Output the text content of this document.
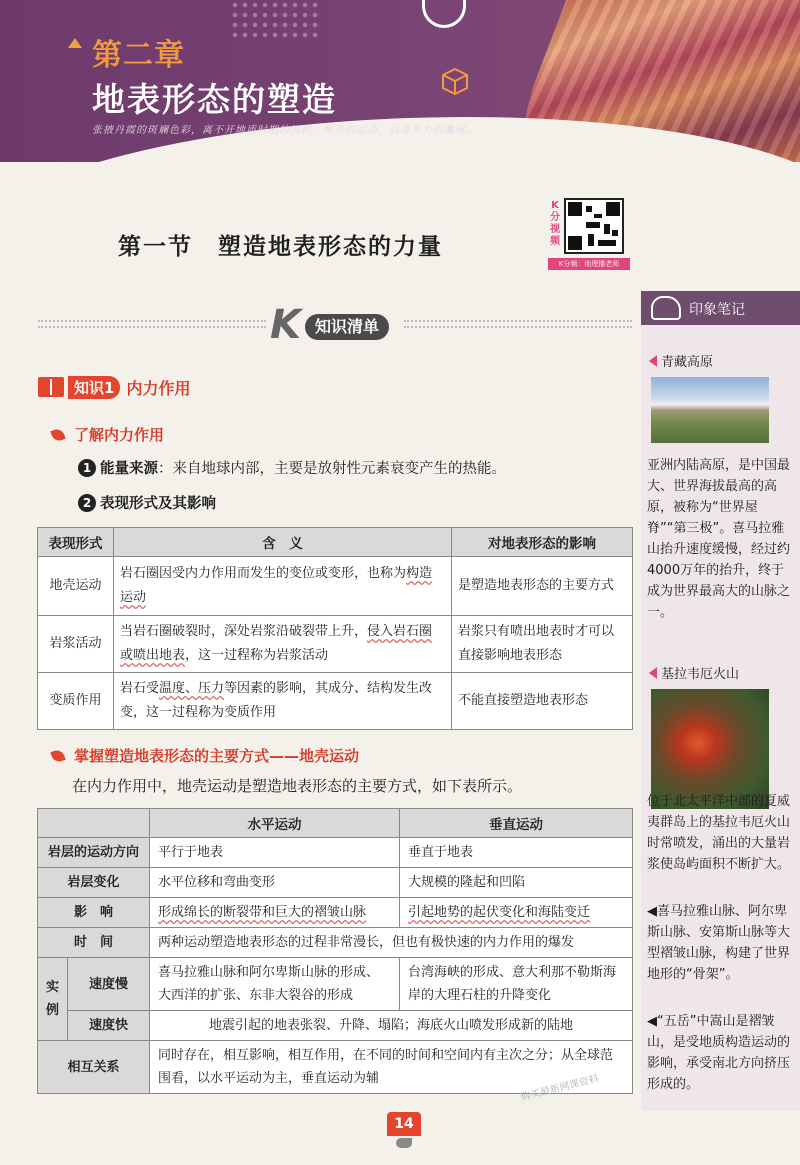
第二章
地表形态的塑造
张掖丹霞的斑斓色彩，离不开地质时期的沉积、地壳的运动，以及外力的雕琢。
第一节　塑造地表形态的力量
K分视频
K分频：地理播老师
K 知识清单
知识1 内力作用
了解内力作用
1 能量来源 ：来自地球内部，主要是放射性元素衰变产生的热能。
2 表现形式及其影响
表现形式	含　义	对地表形态的影响
地壳运动	岩石圈因受内力作用而发生的变位或变形，也称为构造运动	是塑造地表形态的主要方式
岩浆活动	当岩石圈破裂时，深处岩浆沿破裂带上升，侵入岩石圈或喷出地表，这一过程称为岩浆活动	岩浆只有喷出地表时才可以直接影响地表形态
变质作用	岩石受温度、压力等因素的影响，其成分、结构发生改变，这一过程称为变质作用	不能直接塑造地表形态
掌握塑造地表形态的主要方式——地壳运动
在内力作用中，地壳运动是塑造地表形态的主要方式，如下表所示。
		水平运动	垂直运动
岩层的运动方向		平行于地表	垂直于地表
岩层变化		水平位移和弯曲变形	大规模的隆起和凹陷
影　响		形成绵长的断裂带和巨大的褶皱山脉	引起地势的起伏变化和海陆变迁
时　间		两种运动塑造地表形态的过程非常漫长，但也有极快速的内力作用的爆发	
实例	速度慢	喜马拉雅山脉和阿尔卑斯山脉的形成、大西洋的扩张、东非大裂谷的形成	台湾海峡的形成、意大利那不勒斯海岸的大理石柱的升降变化
	速度快	地震引起的地表张裂、升降、塌陷；海底火山喷发形成新的陆地	
相互关系		同时存在，相互影响，相互作用，在不同的时间和空间内有主次之分；从全球范围看，以水平运动为主，垂直运动为辅	
印象笔记
青藏高原
亚洲内陆高原，是中国最大、世界海拔最高的高原，被称为“世界屋脊”“第三极”。喜马拉雅山抬升速度缓慢，经过约4000万年的抬升，终于成为世界最高大的山脉之一。
基拉韦厄火山
位于北太平洋中部的夏威夷群岛上的基拉韦厄火山时常喷发，涌出的大量岩浆使岛屿面积不断扩大。
◀喜马拉雅山脉、阿尔卑斯山脉、安第斯山脉等大型褶皱山脉，构建了世界地形的“骨架”。
◀“五岳”中嵩山是褶皱山，是受地质构造运动的影响，承受南北方向挤压形成的。
14
购买最新网课资料
